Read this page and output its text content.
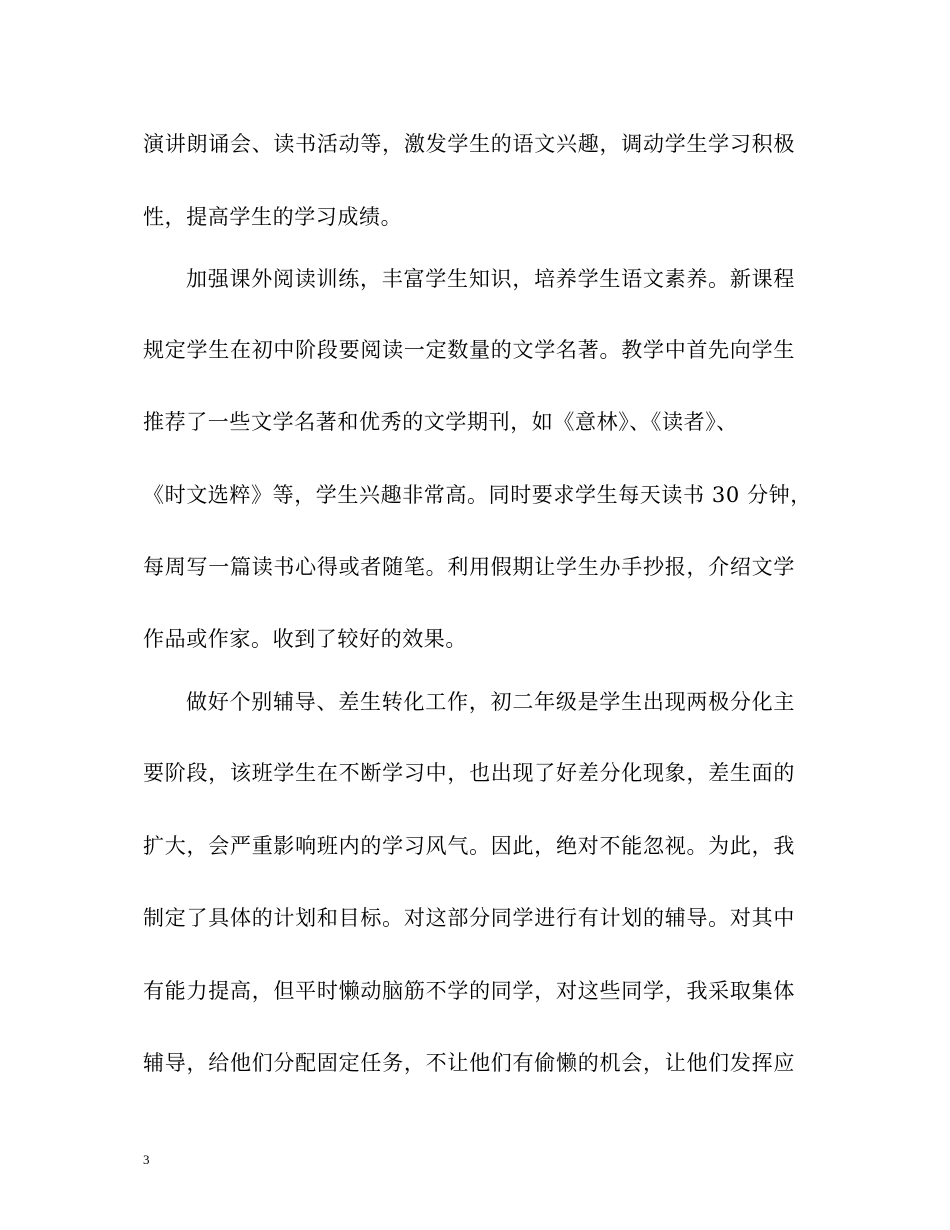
演讲朗诵会、读书活动等，激发学生的语文兴趣，调动学生学习积极
性，提高学生的学习成绩。
加强课外阅读训练，丰富学生知识，培养学生语文素养。新课程
规定学生在初中阶段要阅读一定数量的文学名著。教学中首先向学生
推荐了一些文学名著和优秀的文学期刊，如《意林》、《读者》、
《时文选粹》等，学生兴趣非常高。同时要求学生每天读书 30 分钟，
每周写一篇读书心得或者随笔。利用假期让学生办手抄报，介绍文学
作品或作家。收到了较好的效果。
做好个别辅导、差生转化工作，初二年级是学生出现两极分化主
要阶段，该班学生在不断学习中，也出现了好差分化现象，差生面的
扩大，会严重影响班内的学习风气。因此，绝对不能忽视。为此，我
制定了具体的计划和目标。对这部分同学进行有计划的辅导。对其中
有能力提高，但平时懒动脑筋不学的同学，对这些同学，我采取集体
辅导，给他们分配固定任务，不让他们有偷懒的机会，让他们发挥应
3
